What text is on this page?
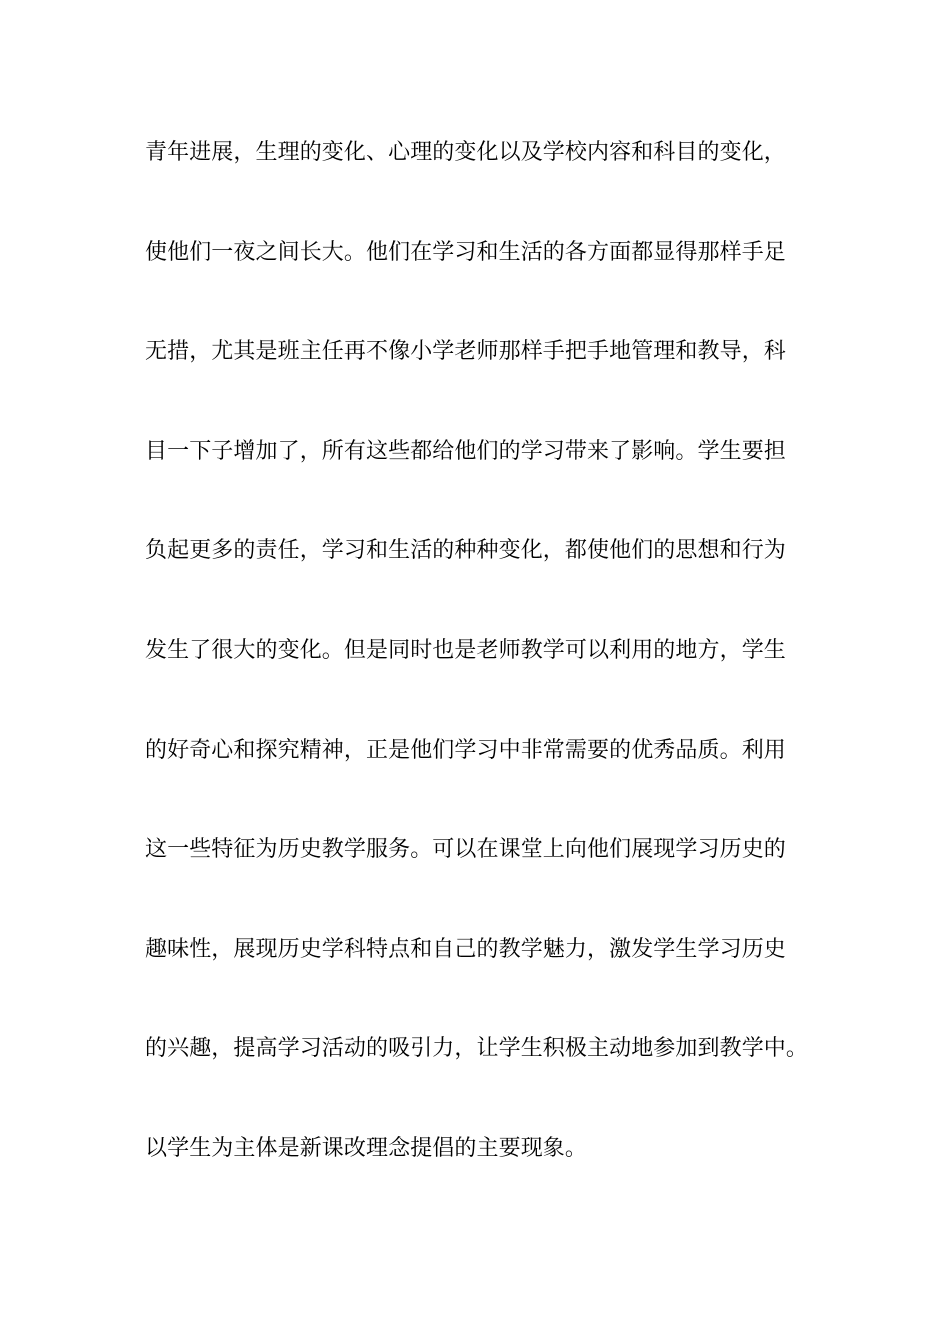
青年进展，生理的变化、心理的变化以及学校内容和科目的变化，
使他们一夜之间长大。他们在学习和生活的各方面都显得那样手足
无措，尤其是班主任再不像小学老师那样手把手地管理和教导，科
目一下子增加了，所有这些都给他们的学习带来了影响。学生要担
负起更多的责任，学习和生活的种种变化，都使他们的思想和行为
发生了很大的变化。但是同时也是老师教学可以利用的地方，学生
的好奇心和探究精神，正是他们学习中非常需要的优秀品质。利用
这一些特征为历史教学服务。可以在课堂上向他们展现学习历史的
趣味性，展现历史学科特点和自己的教学魅力，激发学生学习历史
的兴趣，提高学习活动的吸引力，让学生积极主动地参加到教学中。
以学生为主体是新课改理念提倡的主要现象。
